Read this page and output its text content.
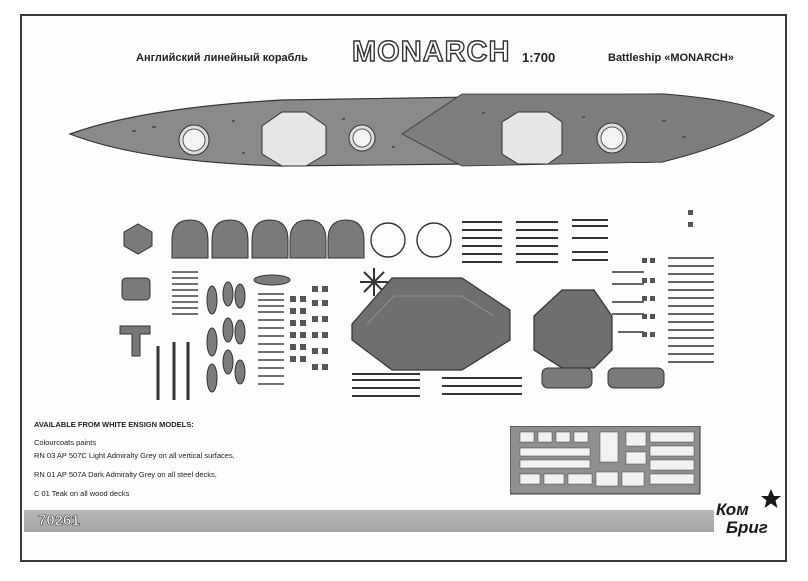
Английский линейный корабль MONARCH 1:700	Battleship «MONARCH»
AVAILABLE FROM WHITE ENSIGN MODELS:
Colourcoats paints
RN 03 AP 507C Light Admiralty Grey on all vertical surfaces,
RN 01 AP 507A Dark Admiralty Grey on all steel decks,
C 01 Teak on all wood decks
70261
Ком
Бриг
